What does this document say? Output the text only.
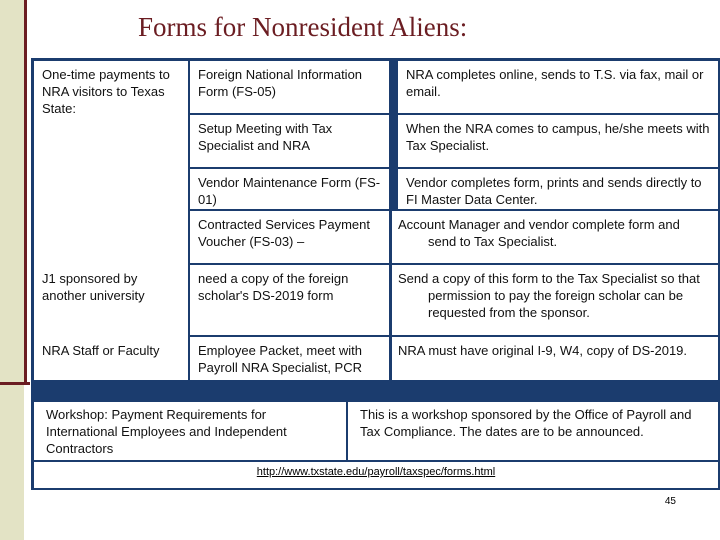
Forms for Nonresident Aliens:
One-time payments to NRA visitors to Texas State:
Foreign National Information Form (FS-05)
NRA completes online, sends to T.S. via fax, mail or email.
Setup Meeting with Tax Specialist and NRA
When the NRA comes to campus, he/she meets with Tax Specialist.
Vendor Maintenance Form (FS-01)
Vendor completes form, prints and sends directly to FI Master Data Center.
Contracted Services Payment Voucher (FS-03) –
Account Manager and vendor complete form and send to Tax Specialist.
J1 sponsored by another university
need a copy of the foreign scholar's DS-2019 form
Send a copy of this form to the Tax Specialist so that permission to pay the foreign scholar can be requested from the sponsor.
NRA Staff or Faculty	Employee Packet, meet with Payroll NRA Specialist, PCR
NRA must have original I-9, W4, copy of DS-2019.
Workshop: Payment Requirements for International Employees and Independent Contractors
This is a workshop sponsored by the Office of Payroll and Tax Compliance. The dates are to be announced.
http://www.txstate.edu/payroll/taxspec/forms.html
45
